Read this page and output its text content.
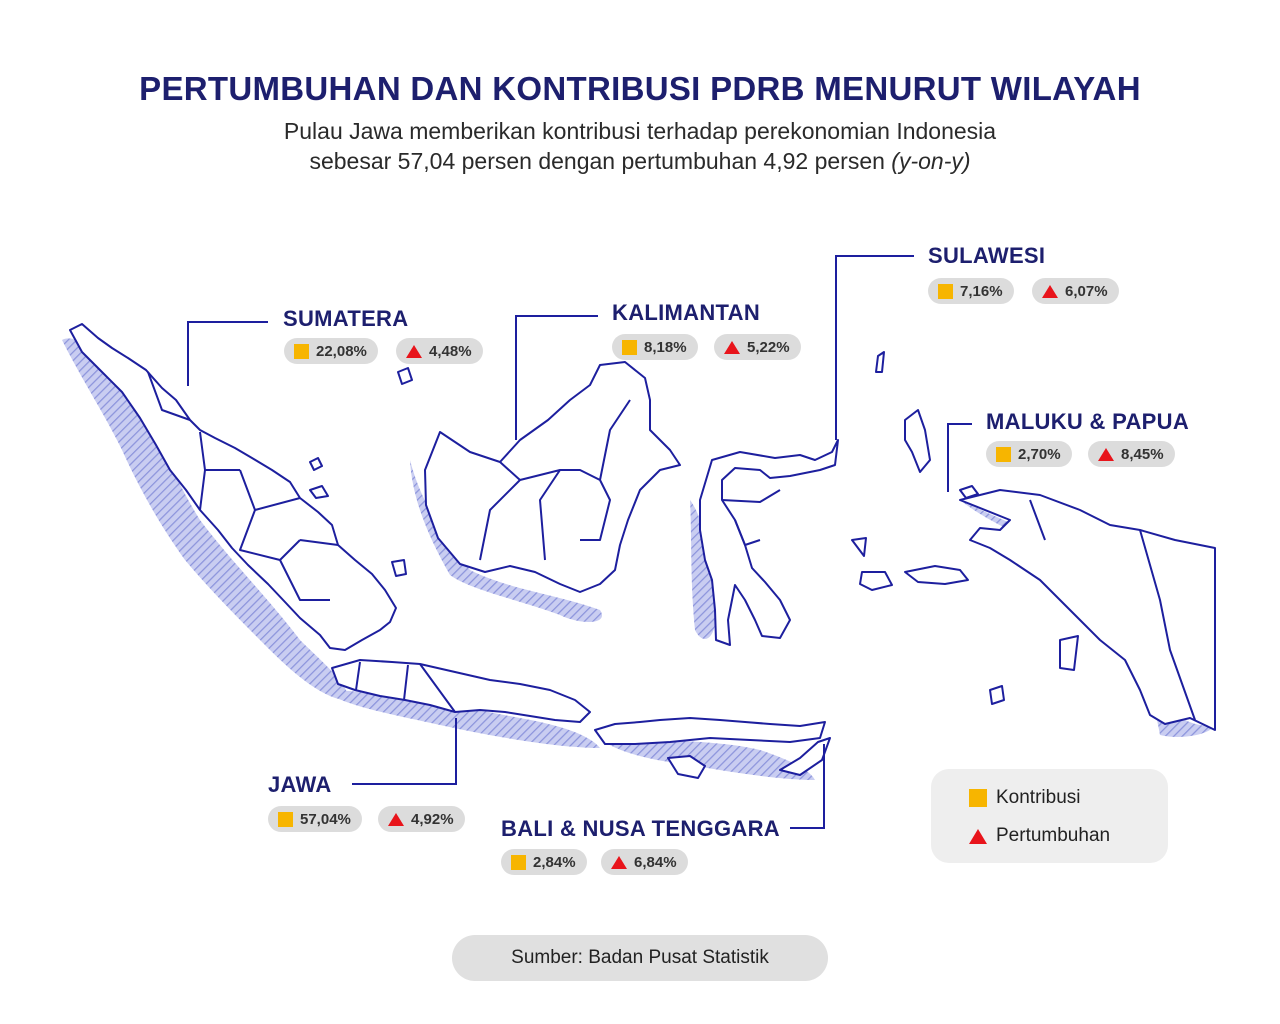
PERTUMBUHAN DAN KONTRIBUSI PDRB MENURUT WILAYAH
Pulau Jawa memberikan kontribusi terhadap perekonomian Indonesia
sebesar 57,04 persen dengan pertumbuhan 4,92 persen (y-on-y)
SUMATERA
22,08%	4,48%
KALIMANTAN
8,18%	5,22%
SULAWESI
7,16%	6,07%
MALUKU & PAPUA
2,70%	8,45%
JAWA
57,04%	4,92% BALI & NUSA TENGGARA
2,84%	6,84%
Kontribusi
Pertumbuhan
Sumber: Badan Pusat Statistik
